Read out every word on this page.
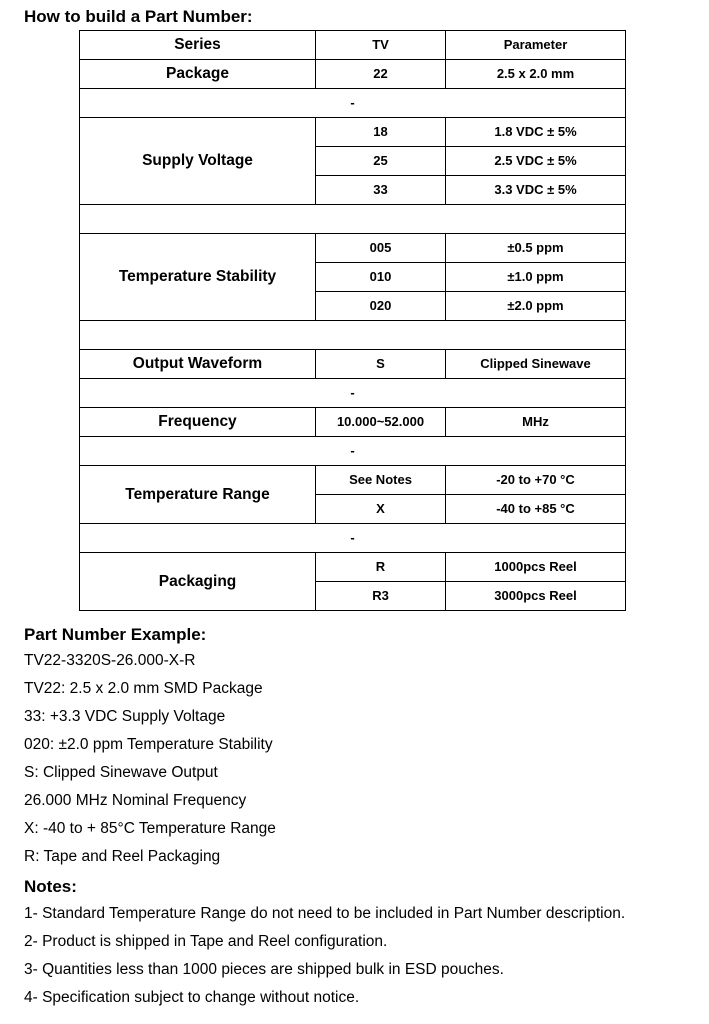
How to build a Part Number:
Series	TV	Parameter
Package	22	2.5 x 2.0 mm
-		
Supply Voltage	18	1.8 VDC ± 5%
	25	2.5 VDC ± 5%
	33	3.3 VDC ± 5%

Temperature Stability	005	±0.5 ppm
	010	±1.0 ppm
	020	±2.0 ppm

Output Waveform	S	Clipped Sinewave
-		
Frequency	10.000~52.000	MHz
-		
Temperature Range	See Notes	-20 to +70 °C
	X	-40 to +85 °C
-		
Packaging	R	1000pcs Reel
	R3	3000pcs Reel
Part Number Example:
TV22-3320S-26.000-X-R
TV22: 2.5 x 2.0 mm SMD Package
33: +3.3 VDC Supply Voltage
020: ±2.0 ppm Temperature Stability
S: Clipped Sinewave Output
26.000 MHz Nominal Frequency
X: -40 to + 85°C Temperature Range
R: Tape and Reel Packaging
Notes:
1- Standard Temperature Range do not need to be included in Part Number description.
2- Product is shipped in Tape and Reel configuration.
3- Quantities less than 1000 pieces are shipped bulk in ESD pouches.
4- Specification subject to change without notice.
